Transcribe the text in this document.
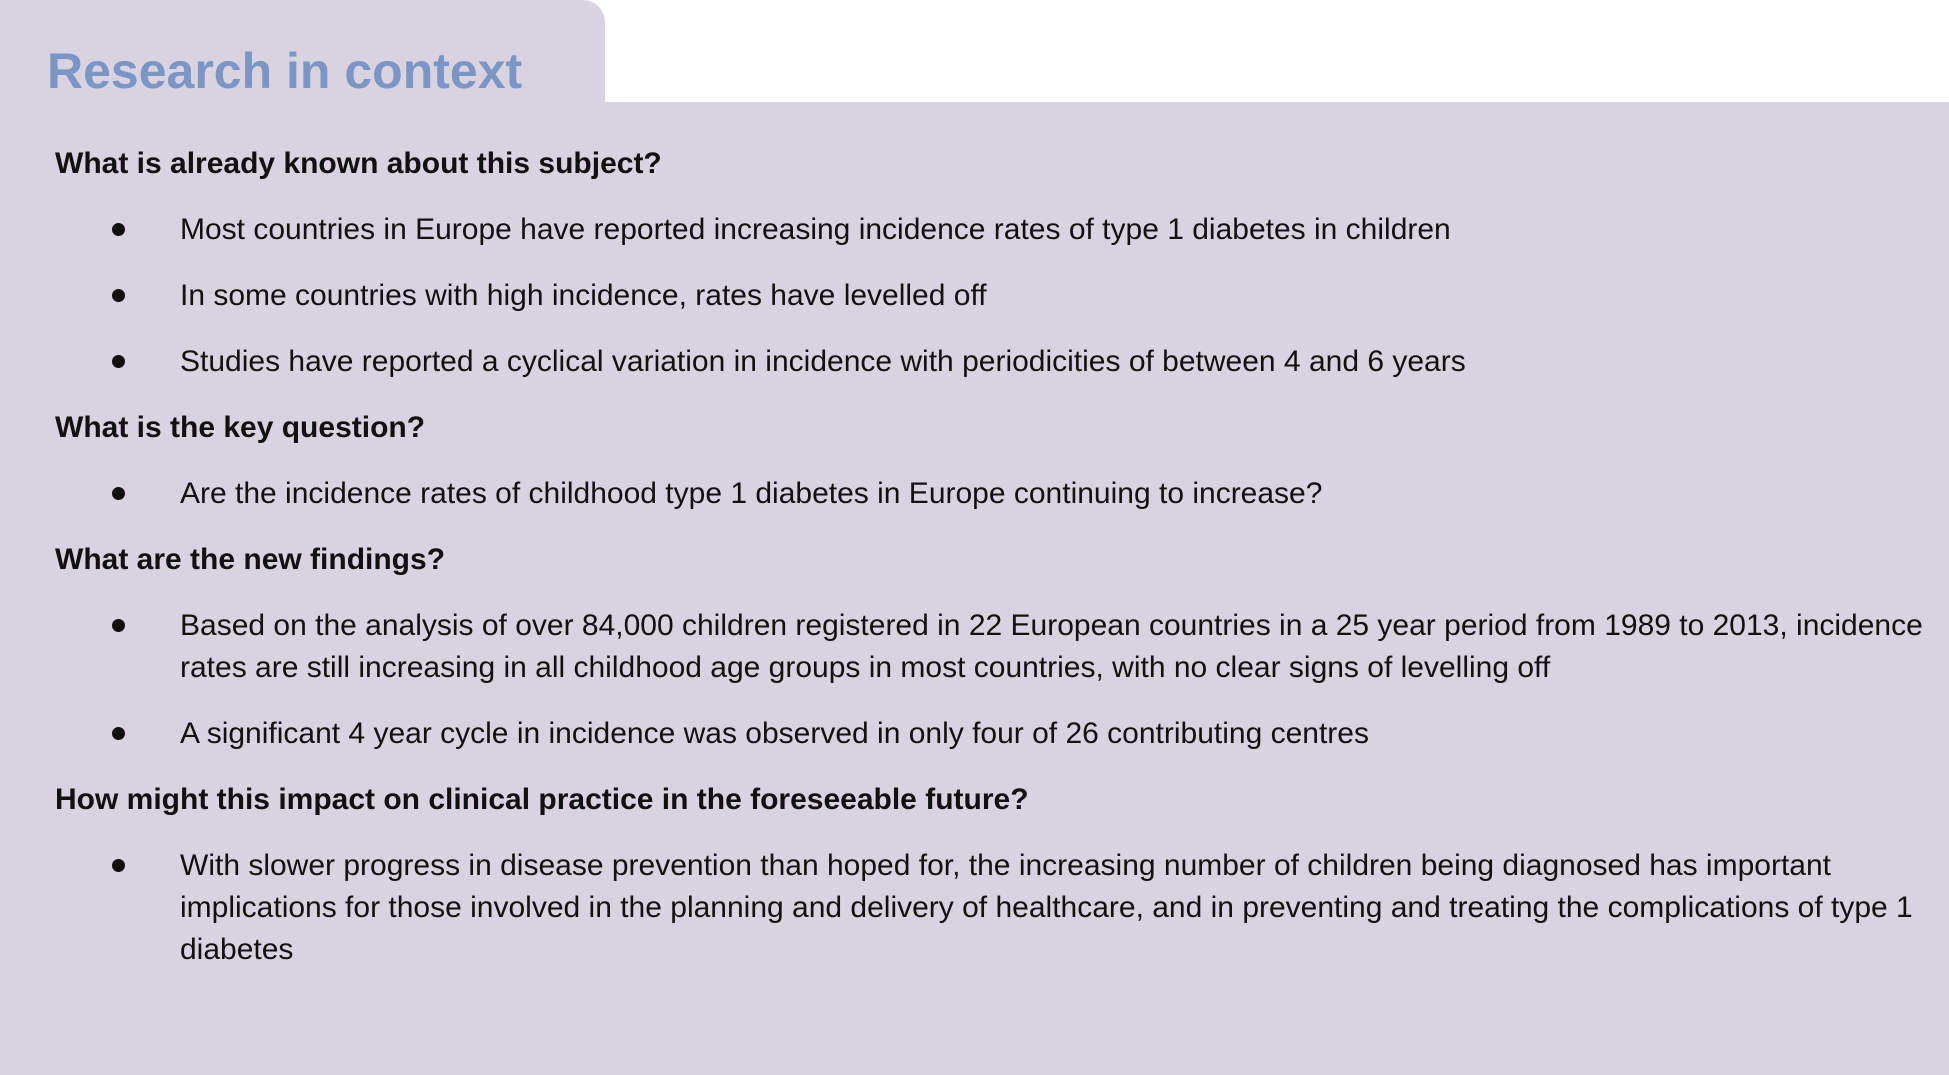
Research in context
What is already known about this subject?
Most countries in Europe have reported increasing incidence rates of type 1 diabetes in children
In some countries with high incidence, rates have levelled off
Studies have reported a cyclical variation in incidence with periodicities of between 4 and 6 years
What is the key question?
Are the incidence rates of childhood type 1 diabetes in Europe continuing to increase?
What are the new findings?
Based on the analysis of over 84,000 children registered in 22 European countries in a 25 year period from 1989 to 2013, incidence rates are still increasing in all childhood age groups in most countries, with no clear signs of levelling off
A significant 4 year cycle in incidence was observed in only four of 26 contributing centres
How might this impact on clinical practice in the foreseeable future?
With slower progress in disease prevention than hoped for, the increasing number of children being diagnosed has important implications for those involved in the planning and delivery of healthcare, and in preventing and treating the complications of type 1 diabetes
